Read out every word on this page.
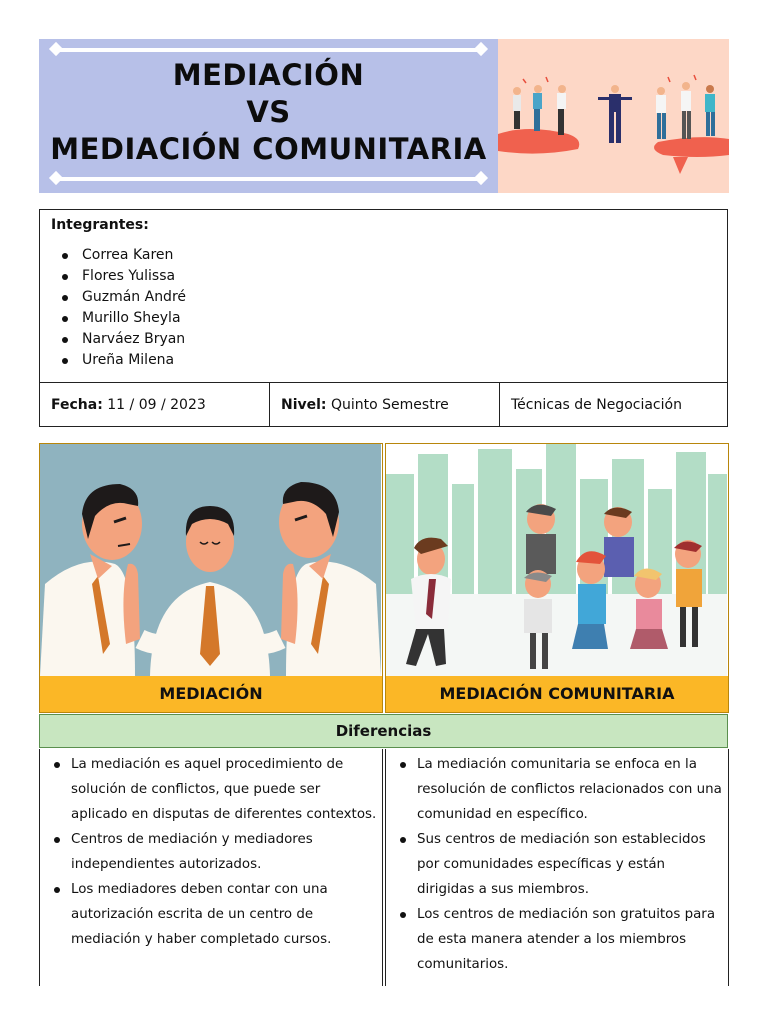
MEDIACIÓN
VS
MEDIACIÓN COMUNITARIA
Integrantes:
Correa Karen
Flores Yulissa
Guzmán André
Murillo Sheyla
Narváez Bryan
Ureña Milena
Fecha: 11 / 09 / 2023	Nivel: Quinto Semestre	Técnicas de Negociación
MEDIACIÓN	MEDIACIÓN COMUNITARIA
Diferencias
La mediación es aquel procedimiento de solución de conflictos, que puede ser aplicado en disputas de diferentes contextos.
Centros de mediación y mediadores independientes autorizados.
Los mediadores deben contar con una autorización escrita de un centro de mediación y haber completado cursos.
La mediación comunitaria se enfoca en la resolución de conflictos relacionados con una comunidad en específico.
Sus centros de mediación son establecidos por comunidades específicas y están dirigidas a sus miembros.
Los centros de mediación son gratuitos para de esta manera atender a los miembros comunitarios.
